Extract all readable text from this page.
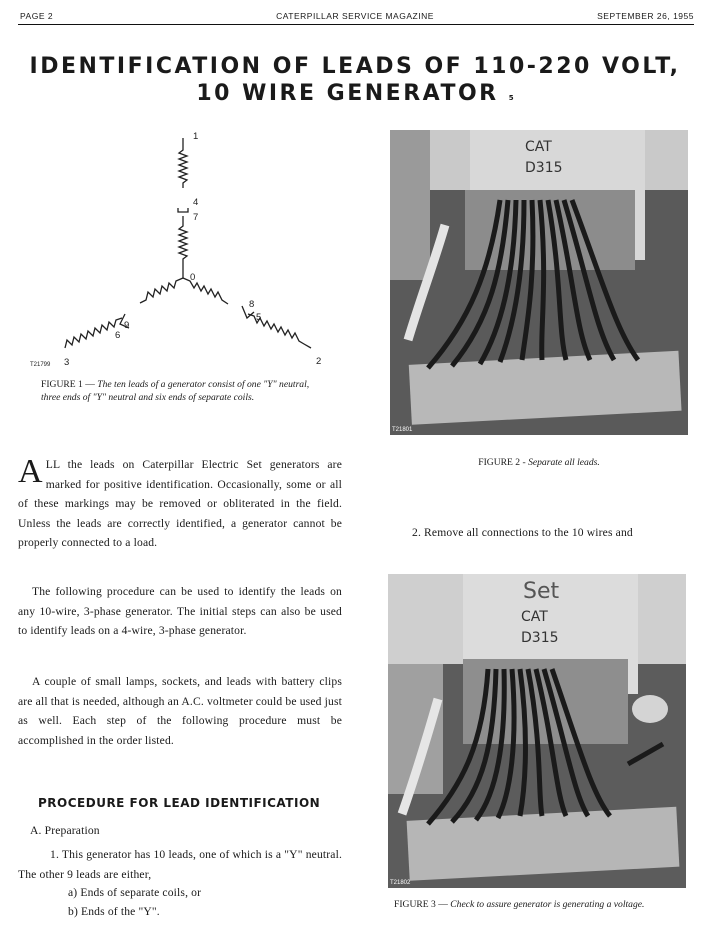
PAGE 2	CATERPILLAR SERVICE MAGAZINE	SEPTEMBER 26, 1955
IDENTIFICATION OF LEADS OF 110-220 VOLT,
10 WIRE GENERATOR 5
1
4
7
0
8
5
2
6
9
3
T21799
FIGURE 1 — The ten leads of a generator consist of one "Y" neutral, three ends of "Y" neutral and six ends of separate coils.
CAT
D315
T21801
FIGURE 2 - Separate all leads.
ALL the leads on Caterpillar Electric Set generators are marked for positive identification. Occasionally, some or all of these markings may be removed or obliterated in the field. Unless the leads are correctly identified, a generator cannot be properly connected to a load.
The following procedure can be used to identify the leads on any 10-wire, 3-phase generator. The initial steps can also be used to identify leads on a 4-wire, 3-phase generator.
A couple of small lamps, sockets, and leads with battery clips are all that is needed, although an A.C. voltmeter could be used just as well. Each step of the following procedure must be accomplished in the order listed.
PROCEDURE FOR LEAD IDENTIFICATION
A. Preparation
1. This generator has 10 leads, one of which is a "Y" neutral. The other 9 leads are either,
a) Ends of separate coils, or
b) Ends of the "Y".
2. Remove all connections to the 10 wires and
Set
CAT
D315
T21802
FIGURE 3 — Check to assure generator is generating a voltage.
